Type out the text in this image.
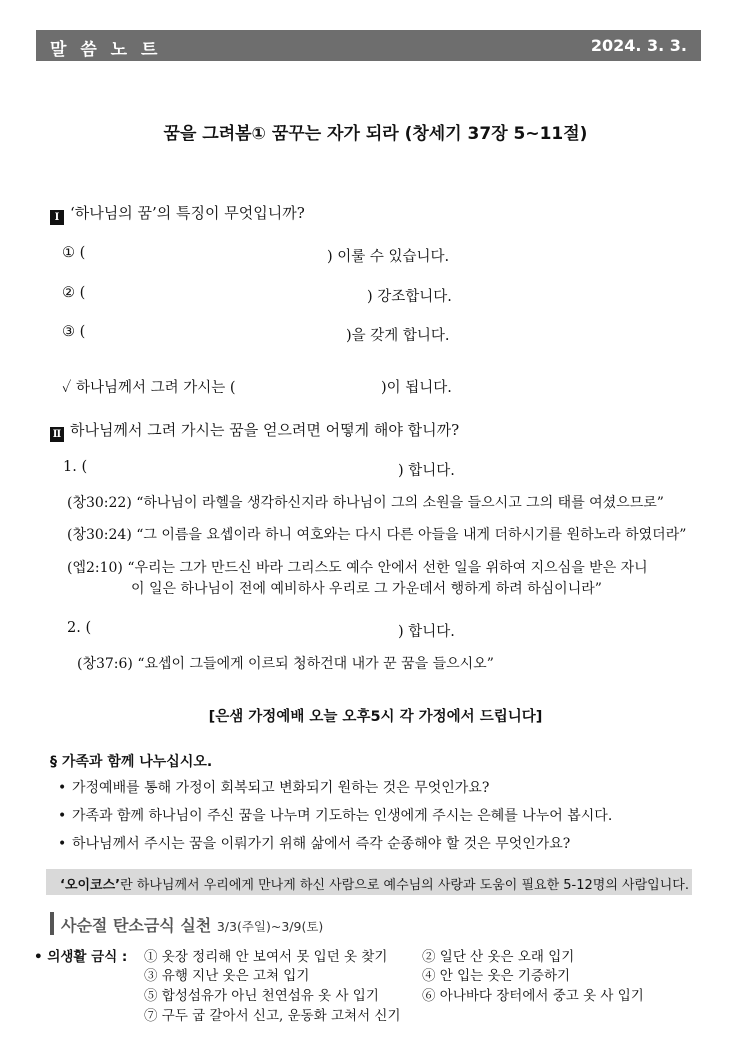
말 씀 노 트	2024. 3. 3.
꿈을 그려봄① 꿈꾸는 자가 되라 (창세기 37장 5~11절)
Ⅰ ‘하나님의 꿈’의 특징이 무엇입니까?
① (	) 이룰 수 있습니다.
② (	) 강조합니다.
③ (	)을 갖게 합니다.
✓ 하나님께서 그려 가시는 (	)이 됩니다.
Ⅱ 하나님께서 그려 가시는 꿈을 얻으려면 어떻게 해야 합니까?
1. (	) 합니다.
(창30:22) “하나님이 라헬을 생각하신지라 하나님이 그의 소원을 들으시고 그의 태를 여셨으므로”
(창30:24) “그 이름을 요셉이라 하니 여호와는 다시 다른 아들을 내게 더하시기를 원하노라 하였더라”
(엡2:10) “우리는 그가 만드신 바라 그리스도 예수 안에서 선한 일을 위하여 지으심을 받은 자니
이 일은 하나님이 전에 예비하사 우리로 그 가운데서 행하게 하려 하심이니라”
2. (	) 합니다.
(창37:6) “요셉이 그들에게 이르되 청하건대 내가 꾼 꿈을 들으시오”
[은샘 가정예배 오늘 오후5시 각 가정에서 드립니다]
§ 가족과 함께 나누십시오.
• 가정예배를 통해 가정이 회복되고 변화되기 원하는 것은 무엇인가요?
• 가족과 함께 하나님이 주신 꿈을 나누며 기도하는 인생에게 주시는 은혜를 나누어 봅시다.
• 하나님께서 주시는 꿈을 이뤄가기 위해 삶에서 즉각 순종해야 할 것은 무엇인가요?
‘오이코스’란 하나님께서 우리에게 만나게 하신 사람으로 예수님의 사랑과 도움이 필요한 5-12명의 사람입니다.
사순절 탄소금식 실천 3/3(주일)~3/9(토)
• 의생활 금식 : ① 옷장 정리해 안 보여서 못 입던 옷 찾기	② 일단 산 옷은 오래 입기
③ 유행 지난 옷은 고쳐 입기	④ 안 입는 옷은 기증하기
⑤ 합성섬유가 아닌 천연섬유 옷 사 입기	⑥ 아나바다 장터에서 중고 옷 사 입기
⑦ 구두 굽 갈아서 신고, 운동화 고쳐서 신기
